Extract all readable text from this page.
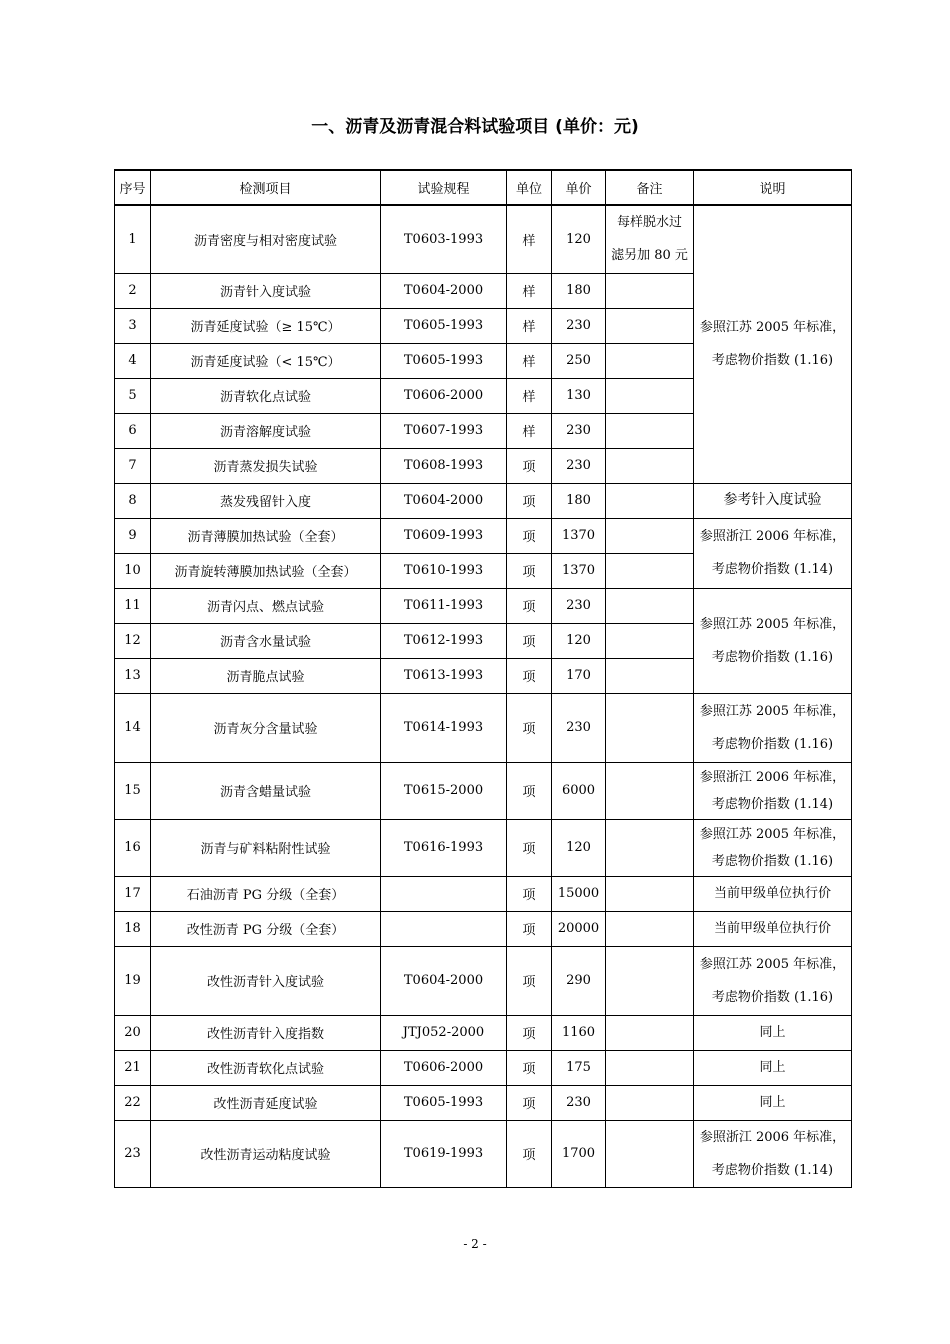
一、沥青及沥青混合料试验项目 (单价：元)
序号	检测项目	试验规程	单位	单价	备注	说明
1	沥青密度与相对密度试验	T0603-1993	样	120	每样脱水过
滤另加 80 元	参照江苏 2005 年标准，
考虑物价指数 (1.16)

2	沥青针入度试验	T0604-2000	样	180		
3	沥青延度试验（≥ 15℃）	T0605-1993	样	230		
4	沥青延度试验（< 15℃）	T0605-1993	样	250		
5	沥青软化点试验	T0606-2000	样	130		
6	沥青溶解度试验	T0607-1993	样	230		
7	沥青蒸发损失试验	T0608-1993	项	230		
8	蒸发残留针入度	T0604-2000	项	180		参考针入度试验
9	沥青薄膜加热试验（全套）	T0609-1993	项	1370		参照浙江 2006 年标准，
考虑物价指数 (1.14)

10	沥青旋转薄膜加热试验（全套）	T0610-1993	项	1370		
11	沥青闪点、燃点试验	T0611-1993	项	230		参照江苏 2005 年标准，
考虑物价指数 (1.16)

12	沥青含水量试验	T0612-1993	项	120		
13	沥青脆点试验	T0613-1993	项	170		
14	沥青灰分含量试验	T0614-1993	项	230		参照江苏 2005 年标准，
考虑物价指数 (1.16)

15	沥青含蜡量试验	T0615-2000	项	6000		参照浙江 2006 年标准，
考虑物价指数 (1.14)

16	沥青与矿料粘附性试验	T0616-1993	项	120		参照江苏 2005 年标准，
考虑物价指数 (1.16)

17	石油沥青 PG 分级（全套）		项	15000		当前甲级单位执行价
18	改性沥青 PG 分级（全套）		项	20000		当前甲级单位执行价
19	改性沥青针入度试验	T0604-2000	项	290		参照江苏 2005 年标准，
考虑物价指数 (1.16)

20	改性沥青针入度指数	JTJ052-2000	项	1160		同上
21	改性沥青软化点试验	T0606-2000	项	175		同上
22	改性沥青延度试验	T0605-1993	项	230		同上
23	改性沥青运动粘度试验	T0619-1993	项	1700		参照浙江 2006 年标准，
考虑物价指数 (1.14)
- 2 -
